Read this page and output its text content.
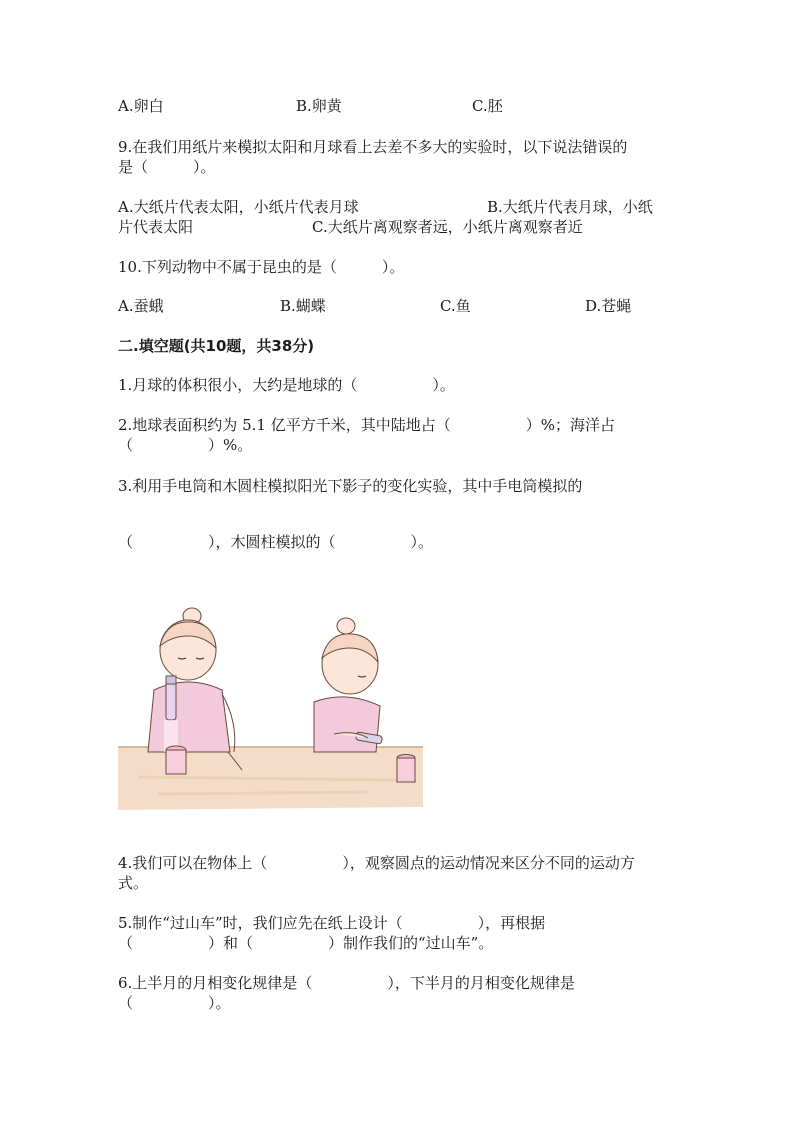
A.卵白	B.卵黄	C.胚
9.在我们用纸片来模拟太阳和月球看上去差不多大的实验时，以下说法错误的
是（　　　）。
A.大纸片代表太阳，小纸片代表月球	B.大纸片代表月球，小纸
片代表太阳	C.大纸片离观察者远，小纸片离观察者近
10.下列动物中不属于昆虫的是（　　　）。
A.蚕蛾	B.蝴蝶	C.鱼	D.苍蝇
二.填空题(共10题，共38分)
1.月球的体积很小，大约是地球的（　　　　　）。
2.地球表面积约为 5.1 亿平方千米，其中陆地占（　　　　　）%；海洋占
（　　　　　）%。
3.利用手电筒和木圆柱模拟阳光下影子的变化实验，其中手电筒模拟的
（　　　　　），木圆柱模拟的（　　　　　）。
4.我们可以在物体上（　　　　　），观察圆点的运动情况来区分不同的运动方
式。
5.制作“过山车”时，我们应先在纸上设计（　　　　　），再根据
（　　　　　）和（　　　　　）制作我们的“过山车”。
6.上半月的月相变化规律是（　　　　　），下半月的月相变化规律是
（　　　　　）。
